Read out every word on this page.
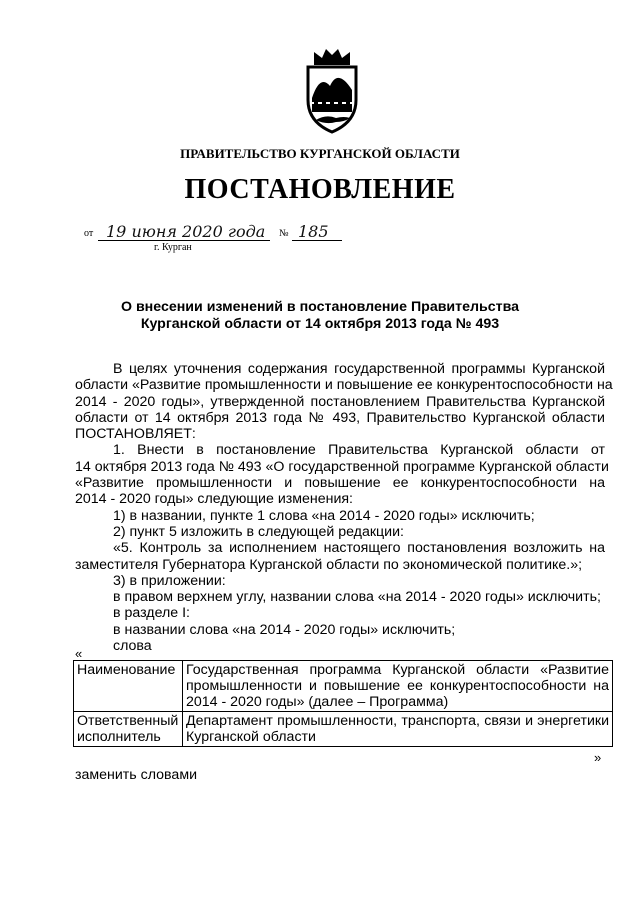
ПРАВИТЕЛЬСТВО КУРГАНСКОЙ ОБЛАСТИ
ПОСТАНОВЛЕНИЕ
от 19 июня 2020 года № 185
г. Курган
О внесении изменений в постановление Правительства
Курганской области от 14 октября 2013 года № 493
В целях уточнения содержания государственной программы Курганской
области «Развитие промышленности и повышение ее конкурентоспособности на
2014 - 2020 годы», утвержденной постановлением Правительства Курганской
области от 14 октября 2013 года № 493, Правительство Курганской области
ПОСТАНОВЛЯЕТ:
1. Внести в постановление Правительства Курганской области от
14 октября 2013 года № 493 «О государственной программе Курганской области
«Развитие промышленности и повышение ее конкурентоспособности на
2014 - 2020 годы» следующие изменения:
1) в названии, пункте 1 слова «на 2014 - 2020 годы» исключить;
2) пункт 5 изложить в следующей редакции:
«5. Контроль за исполнением настоящего постановления возложить на
заместителя Губернатора Курганской области по экономической политике.»;
3) в приложении:
в правом верхнем углу, названии слова «на 2014 - 2020 годы» исключить;
в разделе I:
в названии слова «на 2014 - 2020 годы» исключить;
слова
«
Наименование	Государственная программа Курганской области «Развитие промышленности и повышение ее конкурентоспособности на 2014 - 2020 годы» (далее – Программа)
Ответственный исполнитель	Департамент промышленности, транспорта, связи и энергетики Курганской области
»
заменить словами
